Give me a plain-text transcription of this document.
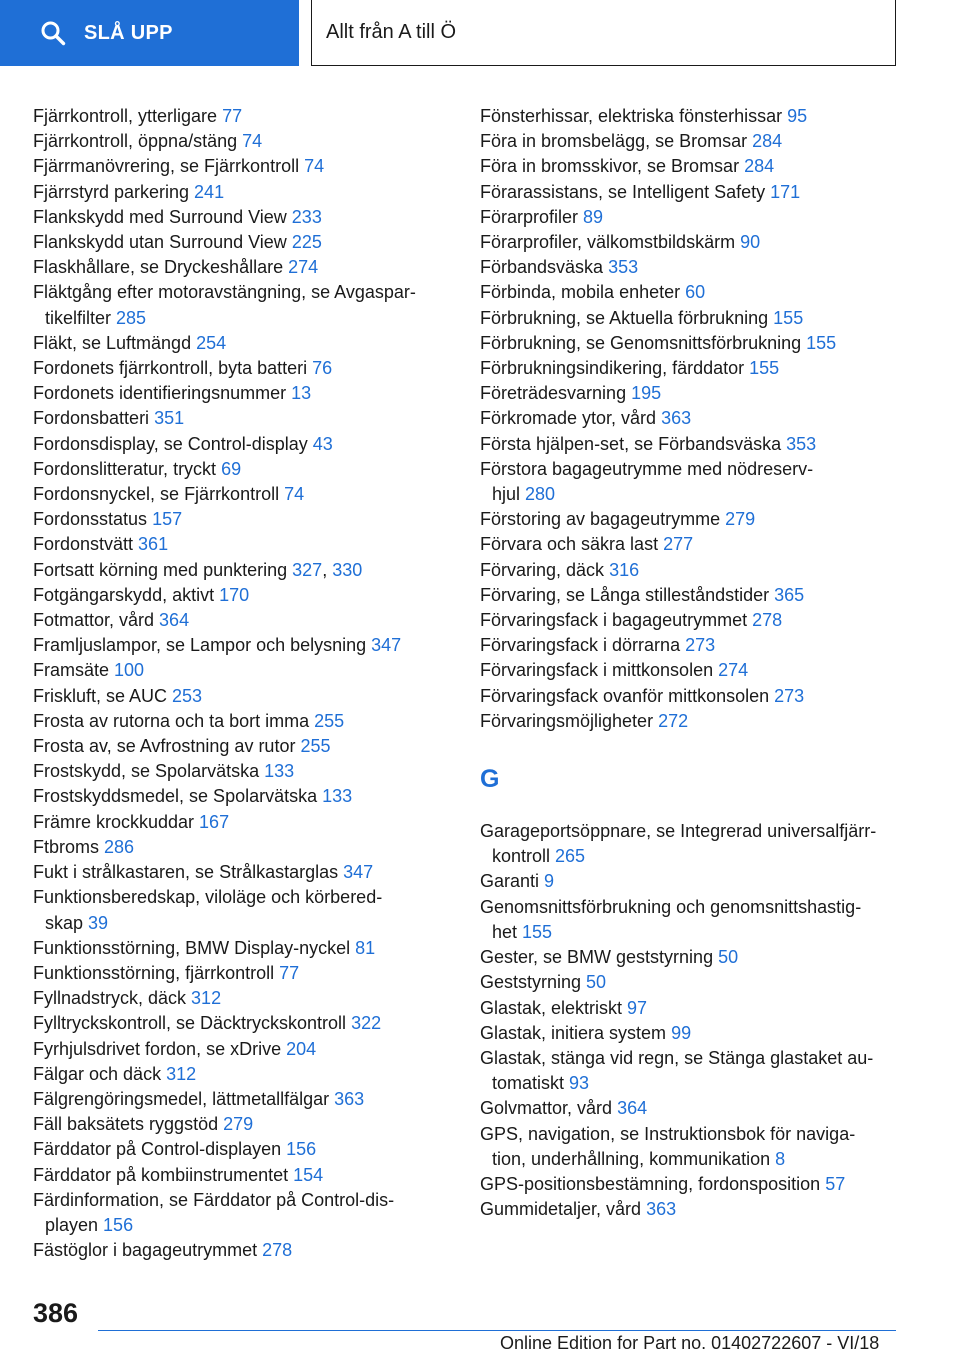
SLÅ UPP	Allt från A till Ö
Fjärrkontroll, ytterligare 77
Fjärrkontroll, öppna/stäng 74
Fjärrmanövrering, se Fjärrkontroll 74
Fjärrstyrd parkering 241
Flankskydd med Surround View 233
Flankskydd utan Surround View 225
Flaskhållare, se Dryckeshållare 274
Fläktgång efter motoravstängning, se Avgaspar‐
tikelfilter 285
Fläkt, se Luftmängd 254
Fordonets fjärrkontroll, byta batteri 76
Fordonets identifieringsnummer 13
Fordonsbatteri 351
Fordonsdisplay, se Control-display 43
Fordonslitteratur, tryckt 69
Fordonsnyckel, se Fjärrkontroll 74
Fordonsstatus 157
Fordonstvätt 361
Fortsatt körning med punktering 327, 330
Fotgängarskydd, aktivt 170
Fotmattor, vård 364
Framljuslampor, se Lampor och belysning 347
Framsäte 100
Friskluft, se AUC 253
Frosta av rutorna och ta bort imma 255
Frosta av, se Avfrostning av rutor 255
Frostskydd, se Spolarvätska 133
Frostskyddsmedel, se Spolarvätska 133
Främre krockkuddar 167
Ftbroms 286
Fukt i strålkastaren, se Strålkastarglas 347
Funktionsberedskap, viloläge och körbered‐
skap 39
Funktionsstörning, BMW Display-nyckel 81
Funktionsstörning, fjärrkontroll 77
Fyllnadstryck, däck 312
Fylltryckskontroll, se Däcktryckskontroll 322
Fyrhjulsdrivet fordon, se xDrive 204
Fälgar och däck 312
Fälgrengöringsmedel, lättmetallfälgar 363
Fäll baksätets ryggstöd 279
Färddator på Control-displayen 156
Färddator på kombiinstrumentet 154
Färdinformation, se Färddator på Control-dis‐
playen 156
Fästöglor i bagageutrymmet 278
Fönsterhissar, elektriska fönsterhissar 95
Föra in bromsbelägg, se Bromsar 284
Föra in bromsskivor, se Bromsar 284
Förarassistans, se Intelligent Safety 171
Förarprofiler 89
Förarprofiler, välkomstbildskärm 90
Förbandsväska 353
Förbinda, mobila enheter 60
Förbrukning, se Aktuella förbrukning 155
Förbrukning, se Genomsnittsförbrukning 155
Förbrukningsindikering, färddator 155
Företrädesvarning 195
Förkromade ytor, vård 363
Första hjälpen-set, se Förbandsväska 353
Förstora bagageutrymme med nödreserv‐
hjul 280
Förstoring av bagageutrymme 279
Förvara och säkra last 277
Förvaring, däck 316
Förvaring, se Långa stilleståndstider 365
Förvaringsfack i bagageutrymmet 278
Förvaringsfack i dörrarna 273
Förvaringsfack i mittkonsolen 274
Förvaringsfack ovanför mittkonsolen 273
Förvaringsmöjligheter 272
G
Garageportsöppnare, se Integrerad universalfjärr‐
kontroll 265
Garanti 9
Genomsnittsförbrukning och genomsnittshastig‐
het 155
Gester, se BMW geststyrning 50
Geststyrning 50
Glastak, elektriskt 97
Glastak, initiera system 99
Glastak, stänga vid regn, se Stänga glastaket au‐
tomatiskt 93
Golvmattor, vård 364
GPS, navigation, se Instruktionsbok för naviga‐
tion, underhållning, kommunikation 8
GPS-positionsbestämning, fordonsposition 57
Gummidetaljer, vård 363
386
Online Edition for Part no. 01402722607 - VI/18
